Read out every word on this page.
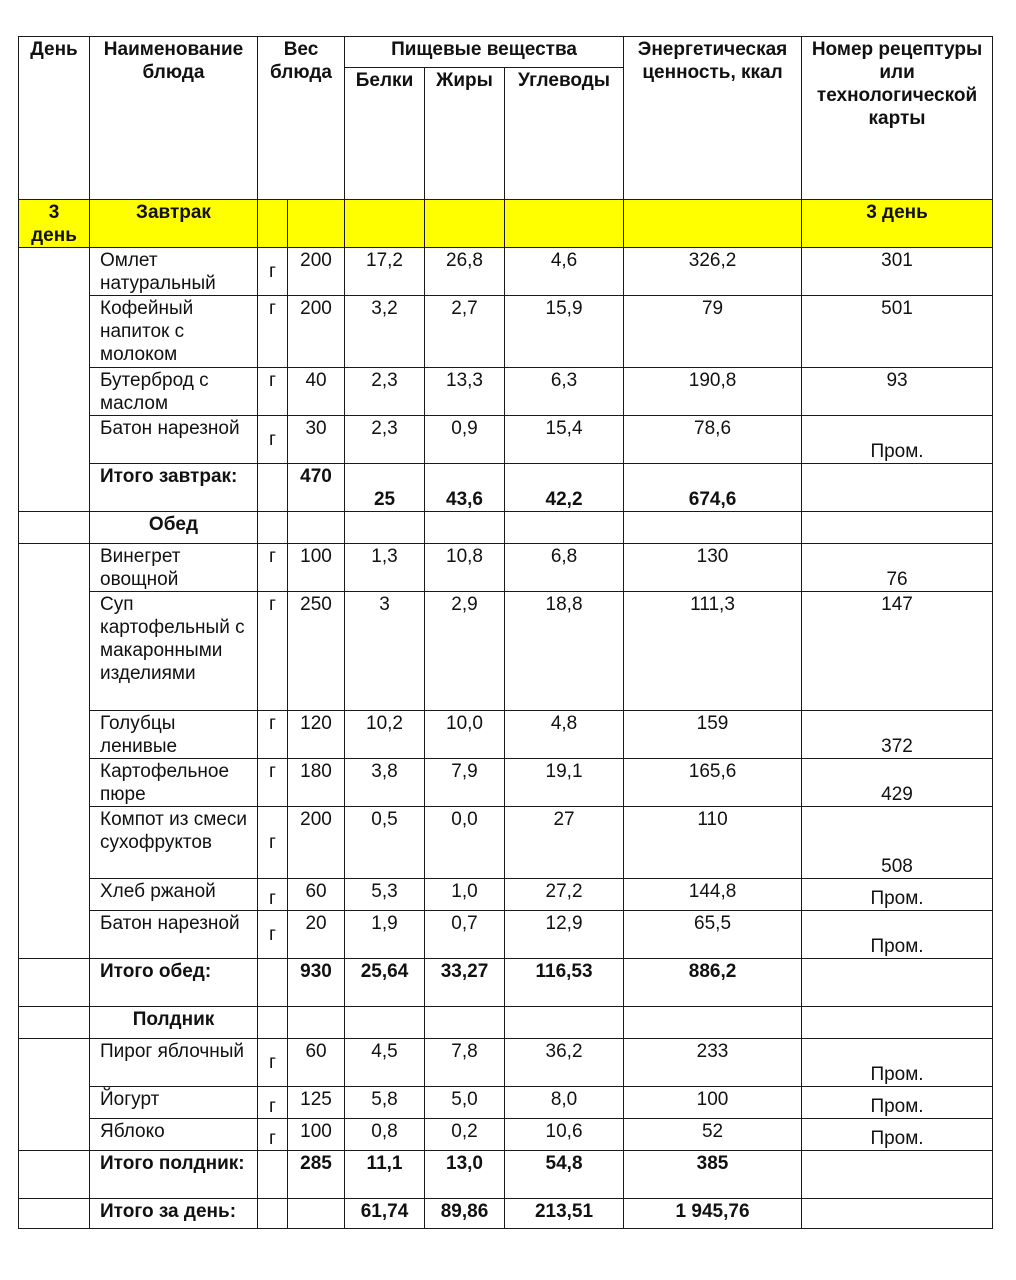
День	Наименование блюда	Вес блюда		Пищевые вещества			Энергетическая ценность, ккал	Номер рецептуры или технологической карты
				Белки	Жиры	Углеводы		
3 день	Завтрак							3 день
	Омлет натуральный	г	200	17,2	26,8	4,6	326,2	301
	Кофейный напиток с молоком	г	200	3,2	2,7	15,9	79	501
	Бутерброд с маслом	г	40	2,3	13,3	6,3	190,8	93
	Батон нарезной	г	30	2,3	0,9	15,4	78,6	Пром.
	Итого завтрак:		470	25	43,6	42,2	674,6	
	Обед							
	Винегрет овощной	г	100	1,3	10,8	6,8	130	76
	Суп картофельный с макаронными изделиями	г	250	3	2,9	18,8	111,3	147
	Голубцы ленивые	г	120	10,2	10,0	4,8	159	372
	Картофельное пюре	г	180	3,8	7,9	19,1	165,6	429
	Компот из смеси сухофруктов	г	200	0,5	0,0	27	110	508
	Хлеб ржаной	г	60	5,3	1,0	27,2	144,8	Пром.
	Батон нарезной	г	20	1,9	0,7	12,9	65,5	Пром.
	Итого обед:		930	25,64	33,27	116,53	886,2	
	Полдник							
	Пирог яблочный	г	60	4,5	7,8	36,2	233	Пром.
	Йогурт	г	125	5,8	5,0	8,0	100	Пром.
	Яблоко	г	100	0,8	0,2	10,6	52	Пром.
	Итого полдник:		285	11,1	13,0	54,8	385	
	Итого за день:			61,74	89,86	213,51	1 945,76	
